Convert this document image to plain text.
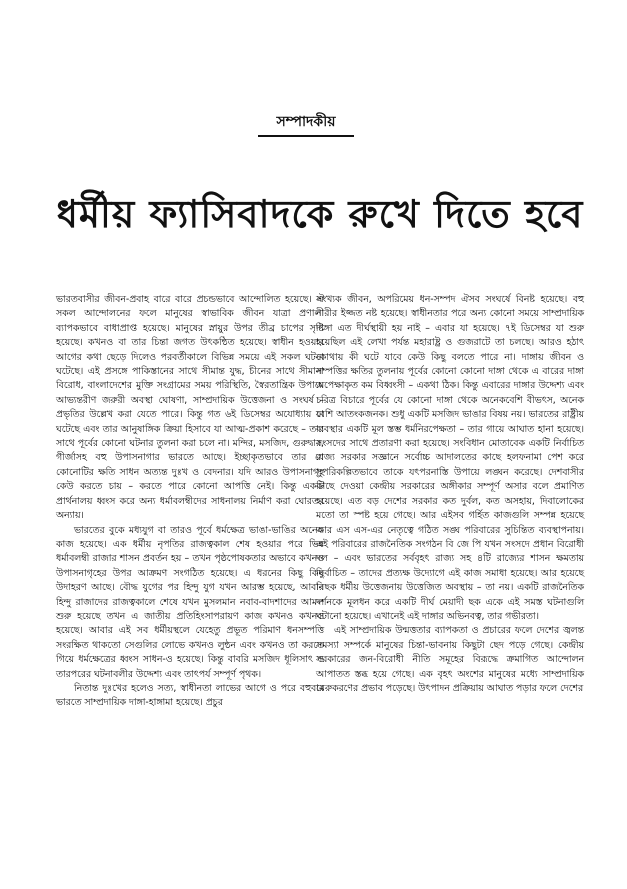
সম্পাদকীয়
ধর্মীয় ফ্যাসিবাদকে রুখে দিতে হবে

ভারতবাসীর জীবন-প্রবাহ বারে বারে প্রচন্ডভাবে আন্দোলিত হয়েছে। ঐ সকল আন্দোলনের ফলে মানুষের স্বাভাবিক জীবন যাত্রা প্রণালী ব্যাপকভাবে বাধাপ্রাপ্ত হয়েছে। মানুষের স্নায়ুর উপর তীব্র চাপের সৃষ্টি হয়েছে। কখনও বা তার চিন্তা জগত উৎকন্ঠিত হয়েছে। স্বাধীন হওয়ার আগের কথা ছেড়ে দিলেও পরবর্তীকালে বিভিন্ন সময়ে এই সকল ঘটনা ঘটেছে। এই প্রসঙ্গে পাকিস্তানের সাথে সীমান্ত যুদ্ধ, চীনের সাথে সীমানা বিরোধ, বাংলাদেশের মুক্তি সংগ্রামের সময় পরিস্থিতি, স্বৈরতান্ত্রিক উপায়ে আভ্যন্তরীণ জরুরী অবস্থা ঘোষণা, সাম্প্রদায়িক উত্তেজনা ও সংঘর্ষ – প্রভৃতির উল্লেখ করা যেতে পারে। কিন্তু গত ৬ই ডিসেম্বর অযোধ্যায় যা ঘটেছে এবং তার আনুষাঙ্গিক ক্রিয়া হিসাবে যা আত্ম-প্রকাশ করেছে – তার সাথে পূর্বের কোনো ঘটনার তুলনা করা চলে না। মন্দির, মসজিদ, গুরুদ্বার, গীর্জাসহ বহু উপাসনাগার ভারতে আছে। ইচ্ছাকৃতভাবে তার যে কোনোটির ক্ষতি সাধন অত্যন্ত দুঃখ ও বেদনার। যদি আরও উপাসনাগৃহ কেউ করতে চায় – করতে পারে কোনো আপত্তি নেই। কিন্তু একটি প্রার্থনালয় ধ্বংস করে অন্য ধর্মাবলম্বীদের সাধনালয় নির্মাণ করা ঘোরতর অন্যায়।

ভারতের বুকে মধ্যযুগ বা তারও পূর্বে ধর্মক্ষেত্র ভাঙা-ভাঙির অনেক কাজ হয়েছে। এক ধর্মীয় নৃপতির রাজত্বকাল শেষ হওয়ার পরে ভিন্ন ধর্মাবলম্বী রাজার শাসন প্রবর্তন হয় – তখন পৃষ্ঠপোষকতার অভাবে কখনও উপাসনাগৃহের উপর আক্রমণ সংগঠিত হয়েছে। এ ধরনের কিছু কিছু উদাহরণ আছে। বৌদ্ধ যুগের পর হিন্দু যুগ যখন আরম্ভ হয়েছে, আবার হিন্দু রাজাদের রাজত্বকালে শেষে যখন মুসলমান নবাব-বাদশাদের আমল শুরু হয়েছে তখন এ জাতীয় প্রতিহিংসাপরায়ণ কাজ কখনও কখনও হয়েছে। আবার এই সব ধর্মীয়স্থলে যেহেতু প্রভূত পরিমাণ ধনসম্পত্তি সংরক্ষিত থাকতো সেগুলির লোভে কখনও লুন্ঠন এবং কখনও তা করতে গিয়ে ধর্মক্ষেত্রের ধ্বংস সাধন-ও হয়েছে। কিন্তু বাবরি মসজিদ ধূলিসাৎ ও তারপরের ঘটনাবলীর উদ্দেশ্য এবং তাৎপর্য সম্পূর্ণ পৃথক।

নিতান্ত দুঃখের হলেও সত্য, স্বাধীনতা লাভের আগে ও পরে বহুবার ভারতে সাম্প্রদায়িক দাঙ্গা-হাঙ্গামা হয়েছে। প্রচুর

সংখ্যক জীবন, অপরিমেয় ধন-সম্পদ ঐসব সংঘর্ষে বিনষ্ট হয়েছে। বহু নারীর ইজ্জত নষ্ট হয়েছে। স্বাধীনতার পরে অন্য কোনো সময়ে সাম্প্রদায়িক দাঙ্গা এত দীর্ঘস্থায়ী হয় নাই – এবার যা হয়েছে। ৭ই ডিসেম্বর যা শুরু হয়েছিল এই লেখা পর্যন্ত মহারাষ্ট্র ও গুজরাটে তা চলছে। আরও হঠাৎ কোথায় কী ঘটে যাবে কেউ কিছু বলতে পারে না। দাঙ্গায় জীবন ও সম্পত্তির ক্ষতির তুলনায় পূর্বের কোনো কোনো দাঙ্গা থেকে এ বারের দাঙ্গা অপেক্ষাকৃত কম বিধ্বংসী – একথা ঠিক। কিন্তু এবারের দাঙ্গার উদ্দেশ্য এবং চরিত্র বিচারে পূর্বের যে কোনো দাঙ্গা থেকে অনেকবেশি বীভৎস, অনেক বেশি আতংকজনক। শুধু একটি মসজিদ ভাঙার বিষয় নয়। ভারতের রাষ্ট্রীয় ব্যবস্থার একটি মূল স্তম্ভ ধর্মনিরপেক্ষতা – তার গায়ে আঘাত হানা হয়েছে। সংসদের সাথে প্রতারণা করা হয়েছে। সংবিধান মোতাবেক একটি নির্বাচিত রাজ্য সরকার সজ্ঞানে সর্বোচ্চ আদালতের কাছে হলফনামা পেশ করে সুপরিকল্পিতভাবে তাকে যৎপরনাস্তি উপায়ে লঙ্ঘন করেছে। দেশবাসীর কাছে দেওয়া কেন্দ্রীয় সরকারের অঙ্গীকার সম্পূর্ণ অসার বলে প্রমাণিত হয়েছে। এত বড় দেশের সরকার কত দুর্বল, কত অসহায়, দিবালোকের মতো তা স্পষ্ট হয়ে গেছে। আর এইসব গর্হিত কাজগুলি সম্পন্ন হয়েছে আর এস এস-এর নেতৃত্বে গঠিত সঙ্ঘ পরিবারের সুচিন্তিত ব্যবস্থাপনায়। এই পরিবারের রাজনৈতিক সংগঠন বি জে পি যখন সংসদে প্রধান বিরোধী দল – এবং ভারতের সর্ববৃহৎ রাজ্য সহ ৪টি রাজ্যের শাসন ক্ষমতায় নির্বাচিত – তাদের প্রত্যক্ষ উদ্যোগে এই কাজ সমাধা হয়েছে। আর হয়েছে নিছক ধর্মীয় উত্তেজনায় উত্তেজিত অবস্থায় – তা নয়। একটি রাজনৈতিক দর্শনকে মূলধন করে একটি দীর্ঘ মেয়াদী ছক একে এই সমস্ত ঘটনাগুলি ঘটানো হয়েছে। এখানেই এই দাঙ্গার অভিনবত্ব, তার গভীরতা।

এই সাম্প্রদায়িক উন্মত্ততার ব্যাপকতা ও প্রচারের ফলে দেশের জ্বলন্ত সমস্যা সম্পর্কে মানুষের চিন্তা-ভাবনায় কিছুটা ছেদ পড়ে গেছে। কেন্দ্রীয় সরকারের জন-বিরোধী নীতি সমূহের বিরূদ্ধে ক্রমাগিত আন্দোলন আপাতত স্তব্ধ হয়ে গেছে। এক বৃহৎ অংশের মানুষের মধ্যে সাম্প্রদায়িক মেরুকরণের প্রভাব পড়েছে। উৎপাদন প্রক্রিয়ায় আঘাত পড়ার ফলে দেশের
